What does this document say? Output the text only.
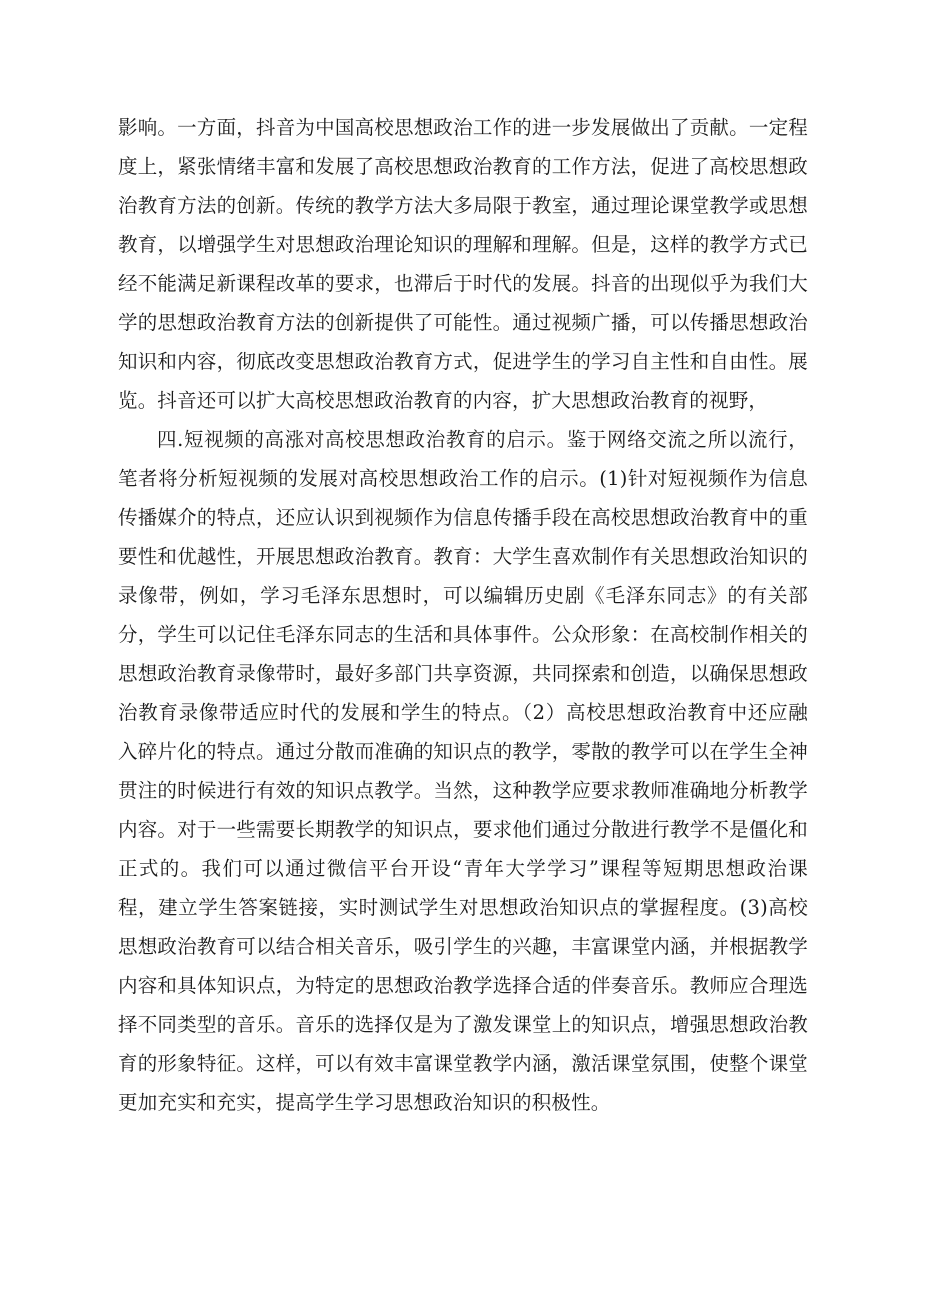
影响。一方面，抖音为中国高校思想政治工作的进一步发展做出了贡献。一定程度上，紧张情绪丰富和发展了高校思想政治教育的工作方法，促进了高校思想政治教育方法的创新。传统的教学方法大多局限于教室，通过理论课堂教学或思想教育，以增强学生对思想政治理论知识的理解和理解。但是，这样的教学方式已经不能满足新课程改革的要求，也滞后于时代的发展。抖音的出现似乎为我们大学的思想政治教育方法的创新提供了可能性。通过视频广播，可以传播思想政治知识和内容，彻底改变思想政治教育方式，促进学生的学习自主性和自由性。展览。抖音还可以扩大高校思想政治教育的内容，扩大思想政治教育的视野，

四.短视频的高涨对高校思想政治教育的启示。鉴于网络交流之所以流行，笔者将分析短视频的发展对高校思想政治工作的启示。(1)针对短视频作为信息传播媒介的特点，还应认识到视频作为信息传播手段在高校思想政治教育中的重要性和优越性，开展思想政治教育。教育：大学生喜欢制作有关思想政治知识的录像带，例如，学习毛泽东思想时，可以编辑历史剧《毛泽东同志》的有关部分，学生可以记住毛泽东同志的生活和具体事件。公众形象：在高校制作相关的思想政治教育录像带时，最好多部门共享资源，共同探索和创造，以确保思想政治教育录像带适应时代的发展和学生的特点。（2）高校思想政治教育中还应融入碎片化的特点。通过分散而准确的知识点的教学，零散的教学可以在学生全神贯注的时候进行有效的知识点教学。当然，这种教学应要求教师准确地分析教学内容。对于一些需要长期教学的知识点，要求他们通过分散进行教学不是僵化和正式的。我们可以通过微信平台开设“青年大学学习”课程等短期思想政治课程，建立学生答案链接，实时测试学生对思想政治知识点的掌握程度。(3)高校思想政治教育可以结合相关音乐，吸引学生的兴趣，丰富课堂内涵，并根据教学内容和具体知识点，为特定的思想政治教学选择合适的伴奏音乐。教师应合理选择不同类型的音乐。音乐的选择仅是为了激发课堂上的知识点，增强思想政治教育的形象特征。这样，可以有效丰富课堂教学内涵，激活课堂氛围，使整个课堂更加充实和充实，提高学生学习思想政治知识的积极性。
